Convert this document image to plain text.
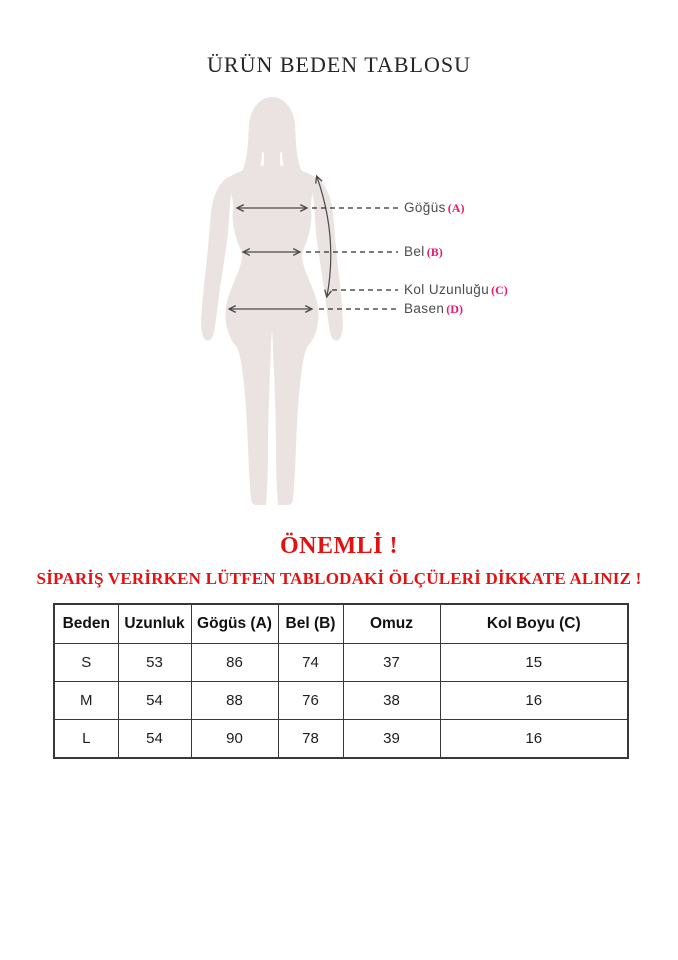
ÜRÜN BEDEN TABLOSU
Göğüs (A)
Bel (B)
Kol Uzunluğu (C)
Basen (D)
ÖNEMLİ !
SİPARİŞ VERİRKEN LÜTFEN TABLODAKİ ÖLÇÜLERİ DİKKATE ALINIZ !
Beden	Uzunluk	Gögüs (A)	Bel (B)	Omuz	Kol Boyu (C)
S	53	86	74	37	15
M	54	88	76	38	16
L	54	90	78	39	16
